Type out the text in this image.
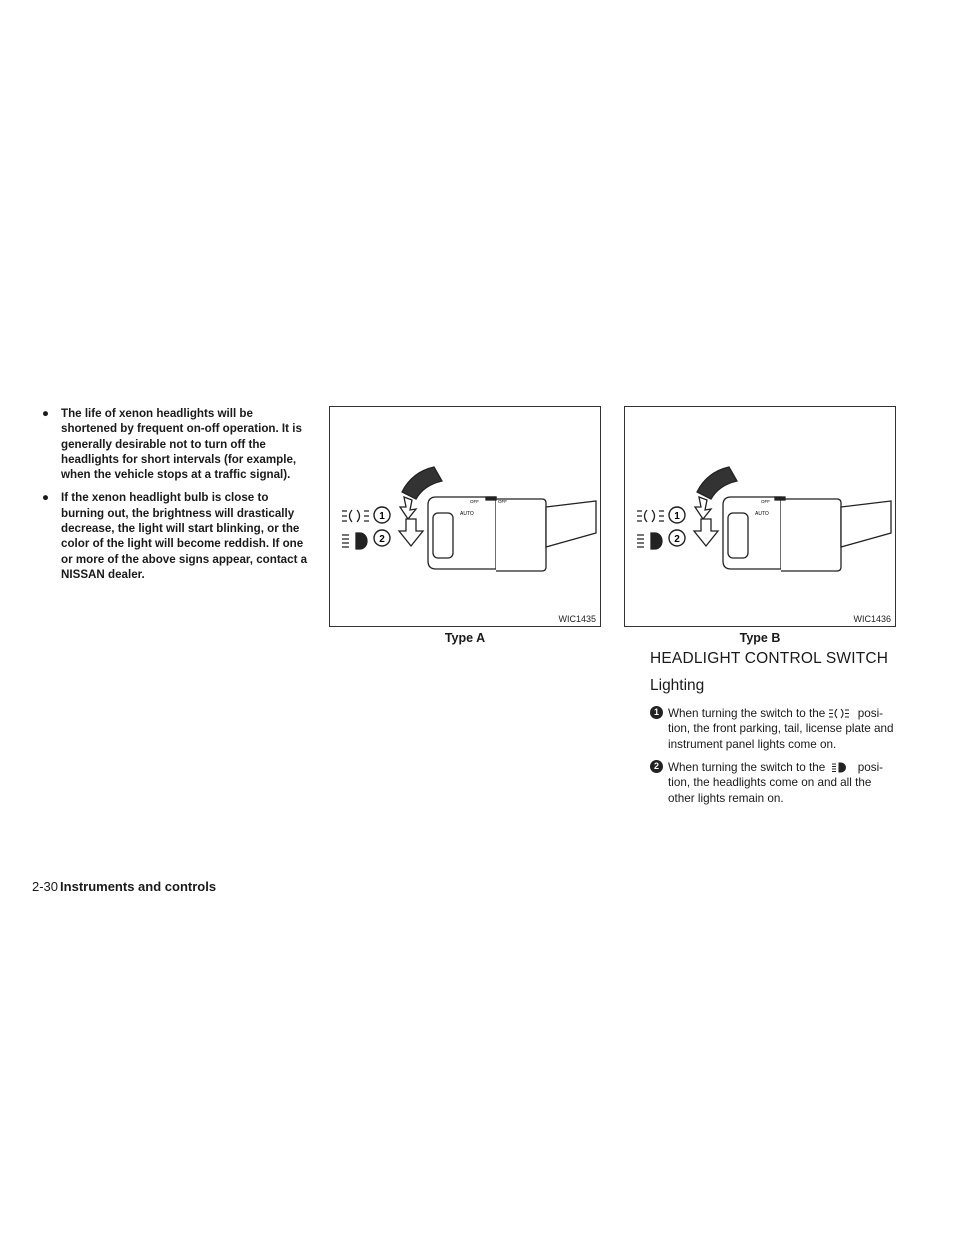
● The life of xenon headlights will be shortened by frequent on-off operation. It is generally desirable not to turn off the headlights for short intervals (for example, when the vehicle stops at a traffic signal).
● If the xenon headlight bulb is close to burning out, the brightness will drastically decrease, the light will start blinking, or the color of the light will become reddish. If one or more of the above signs appear, contact a NISSAN dealer.
1
2
OFF	OFF
AUTO
WIC1435
Type A
1
2
OFF
AUTO
WIC1436
Type B
HEADLIGHT CONTROL SWITCH
Lighting
1 When turning the switch to the	posi-tion, the front parking, tail, license plate and instrument panel lights come on.
2 When turning the switch to the	posi-tion, the headlights come on and all the other lights remain on.
2-30 Instruments and controls
